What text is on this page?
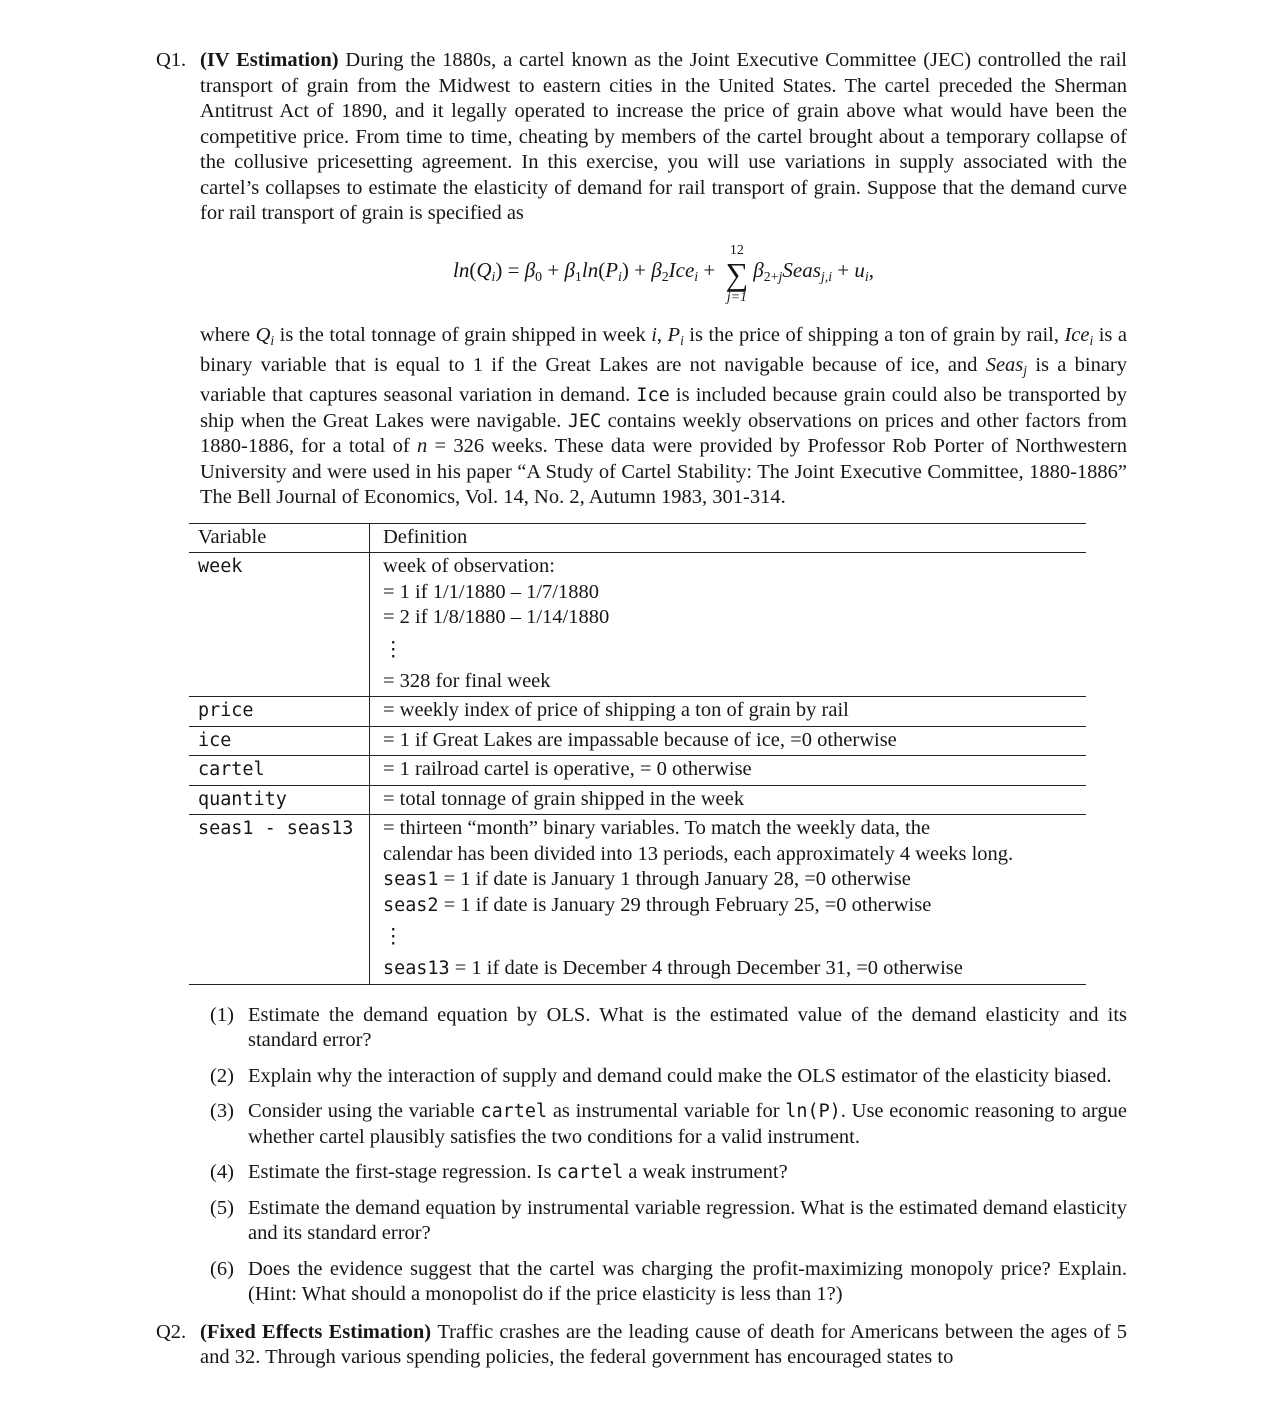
Q1. (IV Estimation) During the 1880s, a cartel known as the Joint Executive Committee (JEC) controlled the rail transport of grain from the Midwest to eastern cities in the United States. The cartel preceded the Sherman Antitrust Act of 1890, and it legally operated to increase the price of grain above what would have been the competitive price. From time to time, cheating by members of the cartel brought about a temporary collapse of the collusive pricesetting agreement. In this exercise, you will use variations in supply associated with the cartel’s collapses to estimate the elasticity of demand for rail transport of grain. Suppose that the demand curve for rail transport of grain is specified as

ln(Qi) = β0 + β1ln(Pi) + β2Icei +
12
∑
j=1
β2+jSeasj,i + ui,

where Qi is the total tonnage of grain shipped in week i, Pi is the price of shipping a ton of grain by rail, Icei is a binary variable that is equal to 1 if the Great Lakes are not navigable because of ice, and Seasj is a binary variable that captures seasonal variation in demand. Ice is included because grain could also be transported by ship when the Great Lakes were navigable. JEC contains weekly observations on prices and other factors from 1880-1886, for a total of n = 326 weeks. These data were provided by Professor Rob Porter of Northwestern University and were used in his paper “A Study of Cartel Stability: The Joint Executive Committee, 1880-1886” The Bell Journal of Economics, Vol. 14, No. 2, Autumn 1983, 301-314.

Variable	Definition
week	week of observation:
= 1 if 1/1/1880 – 1/7/1880
= 2 if 1/8/1880 – 1/14/1880
⋮
= 328 for final week
price	= weekly index of price of shipping a ton of grain by rail
ice	= 1 if Great Lakes are impassable because of ice, =0 otherwise
cartel	= 1 railroad cartel is operative, = 0 otherwise
quantity	= total tonnage of grain shipped in the week
seas1 - seas13	= thirteen “month” binary variables. To match the weekly data, the
calendar has been divided into 13 periods, each approximately 4 weeks long.
seas1 = 1 if date is January 1 through January 28, =0 otherwise
seas2 = 1 if date is January 29 through February 25, =0 otherwise
⋮
seas13 = 1 if date is December 4 through December 31, =0 otherwise
(1) Estimate the demand equation by OLS. What is the estimated value of the demand elasticity and its standard error?
(2) Explain why the interaction of supply and demand could make the OLS estimator of the elasticity biased.
(3) Consider using the variable cartel as instrumental variable for ln(P). Use economic reasoning to argue whether cartel plausibly satisfies the two conditions for a valid instrument.
(4) Estimate the first-stage regression. Is cartel a weak instrument?
(5) Estimate the demand equation by instrumental variable regression. What is the estimated demand elasticity and its standard error?
(6) Does the evidence suggest that the cartel was charging the profit-maximizing monopoly price? Explain. (Hint: What should a monopolist do if the price elasticity is less than 1?)
Q2. (Fixed Effects Estimation) Traffic crashes are the leading cause of death for Americans between the ages of 5 and 32. Through various spending policies, the federal government has encouraged states to
